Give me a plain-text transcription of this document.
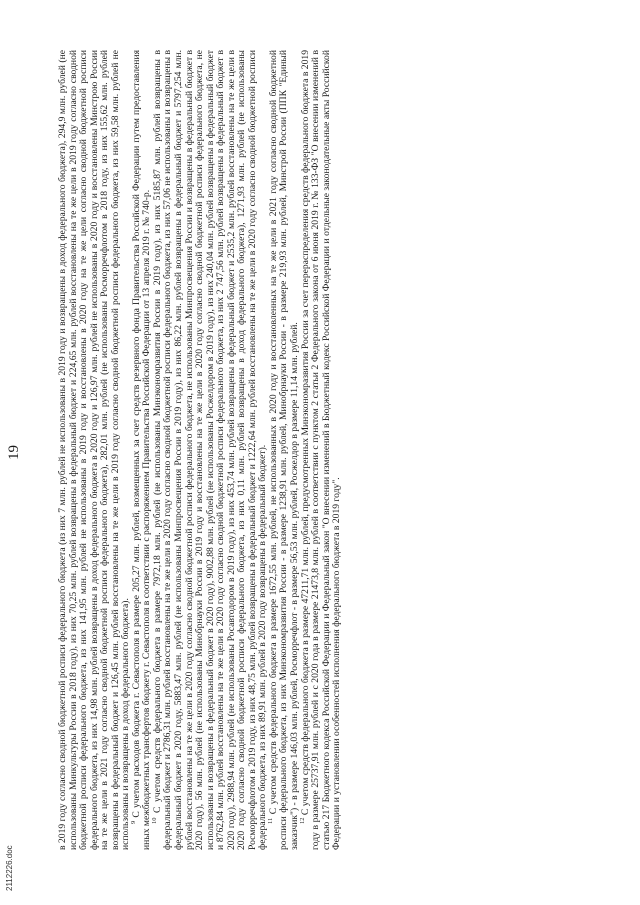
19	в 2019 году согласно сводной бюджетной росписи федерального бюджета (из них 7 млн. рублей не использованы в 2019 году и возвращены в доход федерального бюджета), 294,9 млн. рублей (не использованы Минкультуры России в 2018 году), из них 70,25 млн. рублей возвращены в федеральный бюджет и 224,65 млн. рублей восстановлены на те же цели в 2019 году согласно сводной бюджетной росписи федерального бюджета, из них 141,95 млн. рублей не использованы в 2019 году и восстановлены в 2020 году на те же цели согласно сводной бюджетной росписи федерального бюджета, из них 14,98 млн. рублей возвращены в доход федерального бюджета в 2020 году и 126,97 млн. рублей не использованы в 2020 году и восстановлены Минстрою России на те же цели в 2021 году согласно сводной бюджетной росписи федерального бюджета), 282,01 млн. рублей (не использованы Росморречфлотом в 2018 году, из них 155,62 млн. рублей возвращены в федеральный бюджет и 126,45 млн. рублей восстановлены на те же цели в 2019 году согласно сводной бюджетной росписи федерального бюджета, из них 59,58 млн. рублей не использованы и возвращены в доход федерального бюджета).

$^9$ С учетом расходов бюджета г. Севастополя в размере 205,27 млн. рублей, возмещенных за счет средств резервного фонда Правительства Российской Федерации путем предоставления иных межбюджетных трансфертов бюджету г. Севастополя в соответствии с распоряжением Правительства Российской Федерации от 13 апреля 2019 г. № 740-р.

$^{10}$ С учетом средств федерального бюджета в размере 7972,18 млн. рублей (не использованы Минэкономразвития России в 2019 году), из них 5185,87 млн. рублей возвращены в федеральный бюджет и 2786,31 млн. рублей восстановлены на те же цели в 2020 году согласно сводной бюджетной росписи федерального бюджета, из них 57,06 не использованы и возвращены в федеральный бюджет в 2020 году, 5883,47 млн. рублей (не использованы Минпросвещения России в 2019 году), из них 86,22 млн. рублей возвращены в федеральный бюджет и 5797,254 млн. рублей восстановлены на те же цели в 2020 году согласно сводной бюджетной росписи федерального бюджета, не использованы Минпросвещения России и возвращены в федеральный бюджет в 2020 году), 56 млн. рублей (не использованы Минобрнауки России в 2019 году и восстановлены на те же цели в 2020 году согласно сводной бюджетной росписи федерального бюджета, не использованы и возвращены в федеральный бюджет в 2020 году), 9002,88 млн. рублей (не использованы Росжелдором в 2019 году), из них 240,04 млн. рублей возвращены в федеральный бюджет и 8762,84 млн. рублей восстановлены на те же цели в 2020 году согласно сводной бюджетной росписи федерального бюджета, из них 2 747,56 млн. рублей возвращены в федеральный бюджет в 2020 году), 2988,94 млн. рублей (не использованы Росавтодором в 2019 году), из них 453,74 млн. рублей возвращены в федеральный бюджет и 2535,2 млн. рублей восстановлены на те же цели в 2020 году согласно сводной бюджетной росписи федерального бюджета, из них 0,11 млн. рублей возвращены в доход федерального бюджета), 1271,93 млн. рублей (не использованы Росморречфлотом в 2019 году, из них 48,75 млн. рублей возвращены в федеральный бюджет и 1222,64 млн. рублей восстановлены на те же цели в 2020 году согласно сводной бюджетной росписи федерального бюджета, из них 89,91 млн. рублей в 2020 году возвращены в федеральный бюджет).

$^{11}$ С учетом средств федерального бюджета в размере 1672,55 млн. рублей, не использованных в 2020 году и восстановленных на те же цели в 2021 году согласно сводной бюджетной росписи федерального бюджета, из них Минэкономразвития России - в размере 1238,91 млн. рублей, Минобрнауки России - в размере 219,93 млн. рублей, Минстрой России (ППК "Единый заказчик") - в размере 146,03 млн. рублей, Росморречфлот - в размере 56,53 млн. рублей, Росжелдор в размере 11,14 млн. рублей.

$^{12}$ С учетом средств федерального бюджета в размере 47211,71 млн. рублей, предусмотренных Минэкономразвития России за счет перераспределения средств федерального бюджета в 2019 году в размере 25737,91 млн. рублей и с 2020 года в размере 21473,8 млн. рублей в соответствии с пунктом 2 статьи 2 Федерального закона от 6 июня 2019 г. № 133-ФЗ "О внесении изменений в статью 217 Бюджетного кодекса Российской Федерации и Федеральный закон "О внесении изменений в Бюджетный кодекс Российской Федерации и отдельные законодательные акты Российской Федерации и установлении особенностей исполнения федерального бюджета в 2019 году".

2112226.doc
